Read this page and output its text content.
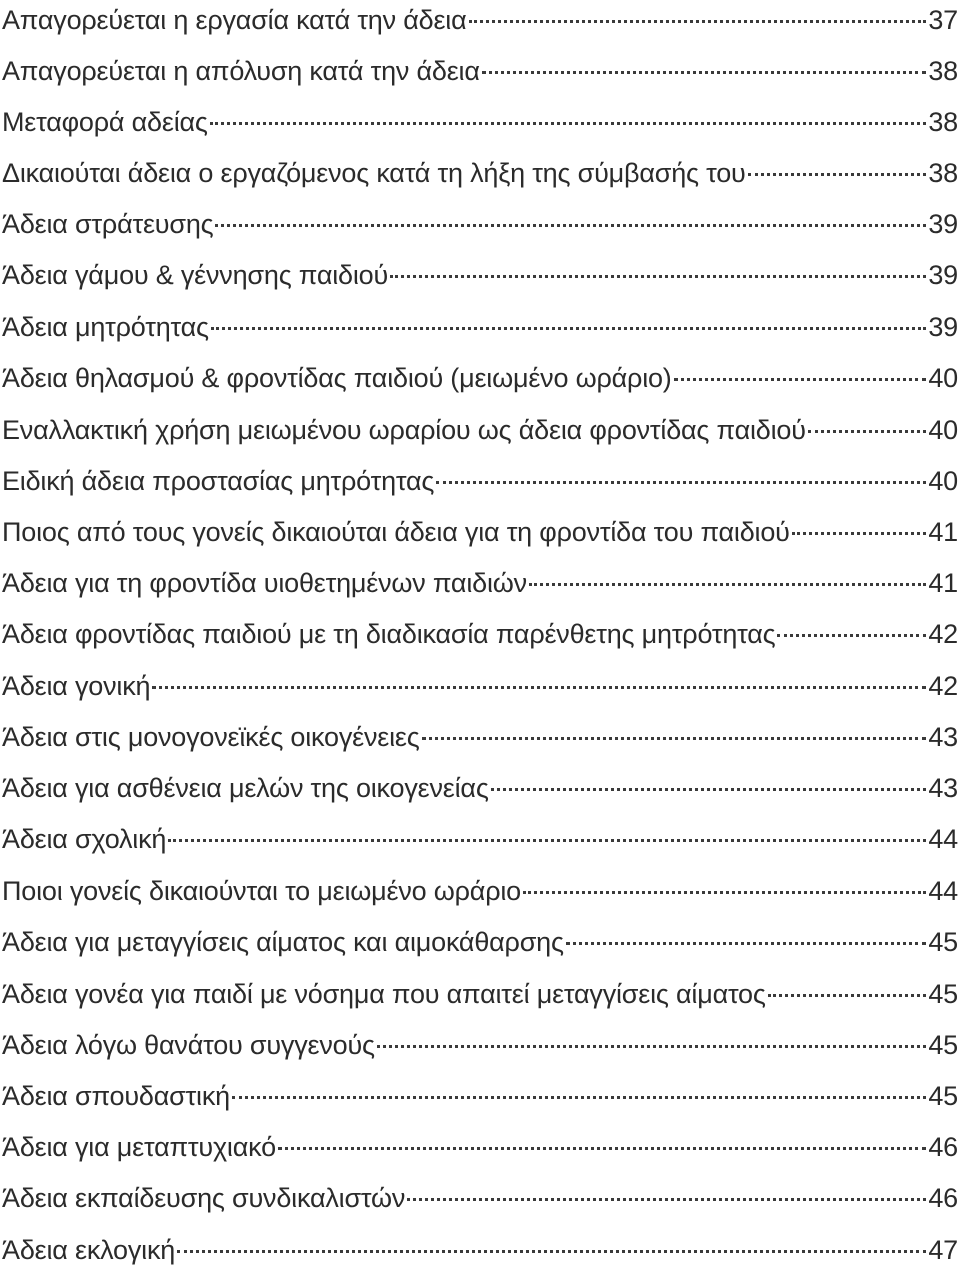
Απαγορεύεται η εργασία κατά την άδεια	37
Απαγορεύεται η απόλυση κατά την άδεια	38
Μεταφορά αδείας	38
Δικαιούται άδεια ο εργαζόμενος κατά τη λήξη της σύμβασής του	38
Άδεια στράτευσης	39
Άδεια γάμου & γέννησης παιδιού	39
Άδεια μητρότητας	39
Άδεια θηλασμού & φροντίδας παιδιού (μειωμένο ωράριο)	40
Εναλλακτική χρήση μειωμένου ωραρίου ως άδεια φροντίδας παιδιού	40
Ειδική άδεια προστασίας μητρότητας	40
Ποιος από τους γονείς δικαιούται άδεια για τη φροντίδα του παιδιού	41
Άδεια για τη φροντίδα υιοθετημένων παιδιών	41
Άδεια φροντίδας παιδιού με τη διαδικασία παρένθετης μητρότητας	42
Άδεια γονική	42
Άδεια στις μονογονεϊκές οικογένειες	43
Άδεια για ασθένεια μελών της οικογενείας	43
Άδεια σχολική	44
Ποιοι γονείς δικαιούνται το μειωμένο ωράριο	44
Άδεια για μεταγγίσεις αίματος και αιμοκάθαρσης	45
Άδεια γονέα για παιδί με νόσημα που απαιτεί μεταγγίσεις αίματος	45
Άδεια λόγω θανάτου συγγενούς	45
Άδεια σπουδαστική	45
Άδεια για μεταπτυχιακό	46
Άδεια εκπαίδευσης συνδικαλιστών	46
Άδεια εκλογική	47
